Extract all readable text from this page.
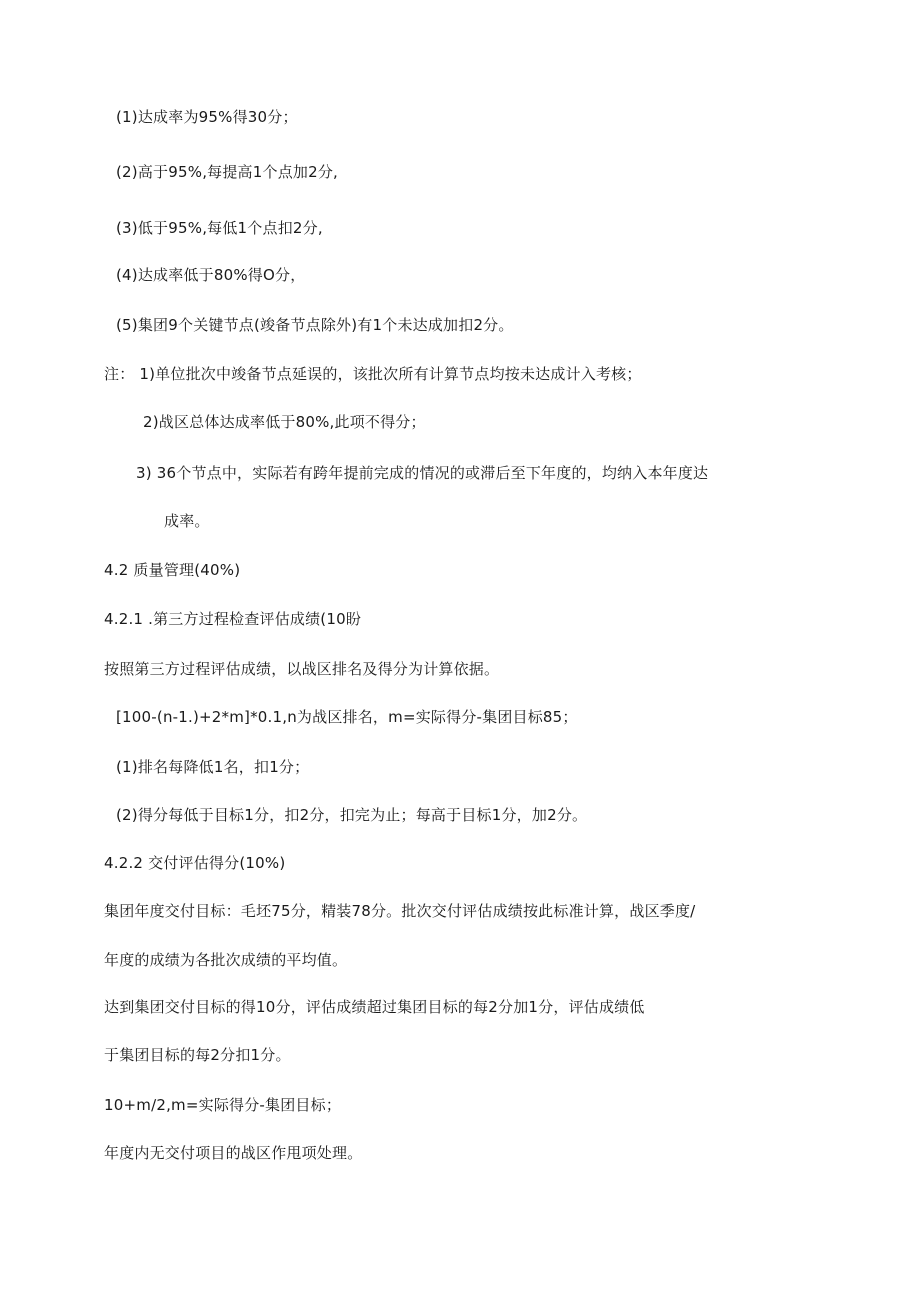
(1)达成率为95%得30分；
(2)高于95%,每提高1个点加2分,
(3)低于95%,每低1个点扣2分,
(4)达成率低于80%得O分，
(5)集团9个关键节点(竣备节点除外)有1个未达成加扣2分。
注： 1)单位批次中竣备节点延误的，该批次所有计算节点均按未达成计入考核；
2)战区总体达成率低于80%,此项不得分；
3) 36个节点中，实际若有跨年提前完成的情况的或滞后至下年度的，均纳入本年度达
成率。
4.2 质量管理(40%)
4.2.1 .第三方过程检查评估成绩(10盼
按照第三方过程评估成绩，以战区排名及得分为计算依据。
[100-(n-1.)+2*m]*0.1,n为战区排名，m=实际得分-集团目标85；
(1)排名每降低1名，扣1分；
(2)得分每低于目标1分，扣2分，扣完为止；每高于目标1分，加2分。
4.2.2 交付评估得分(10%)
集团年度交付目标：毛坯75分，精装78分。批次交付评估成绩按此标准计算，战区季度/
年度的成绩为各批次成绩的平均值。
达到集团交付目标的得10分，评估成绩超过集团目标的每2分加1分，评估成绩低
于集团目标的每2分扣1分。
10+m∕2,m=实际得分-集团目标；
年度内无交付项目的战区作甩项处理。
